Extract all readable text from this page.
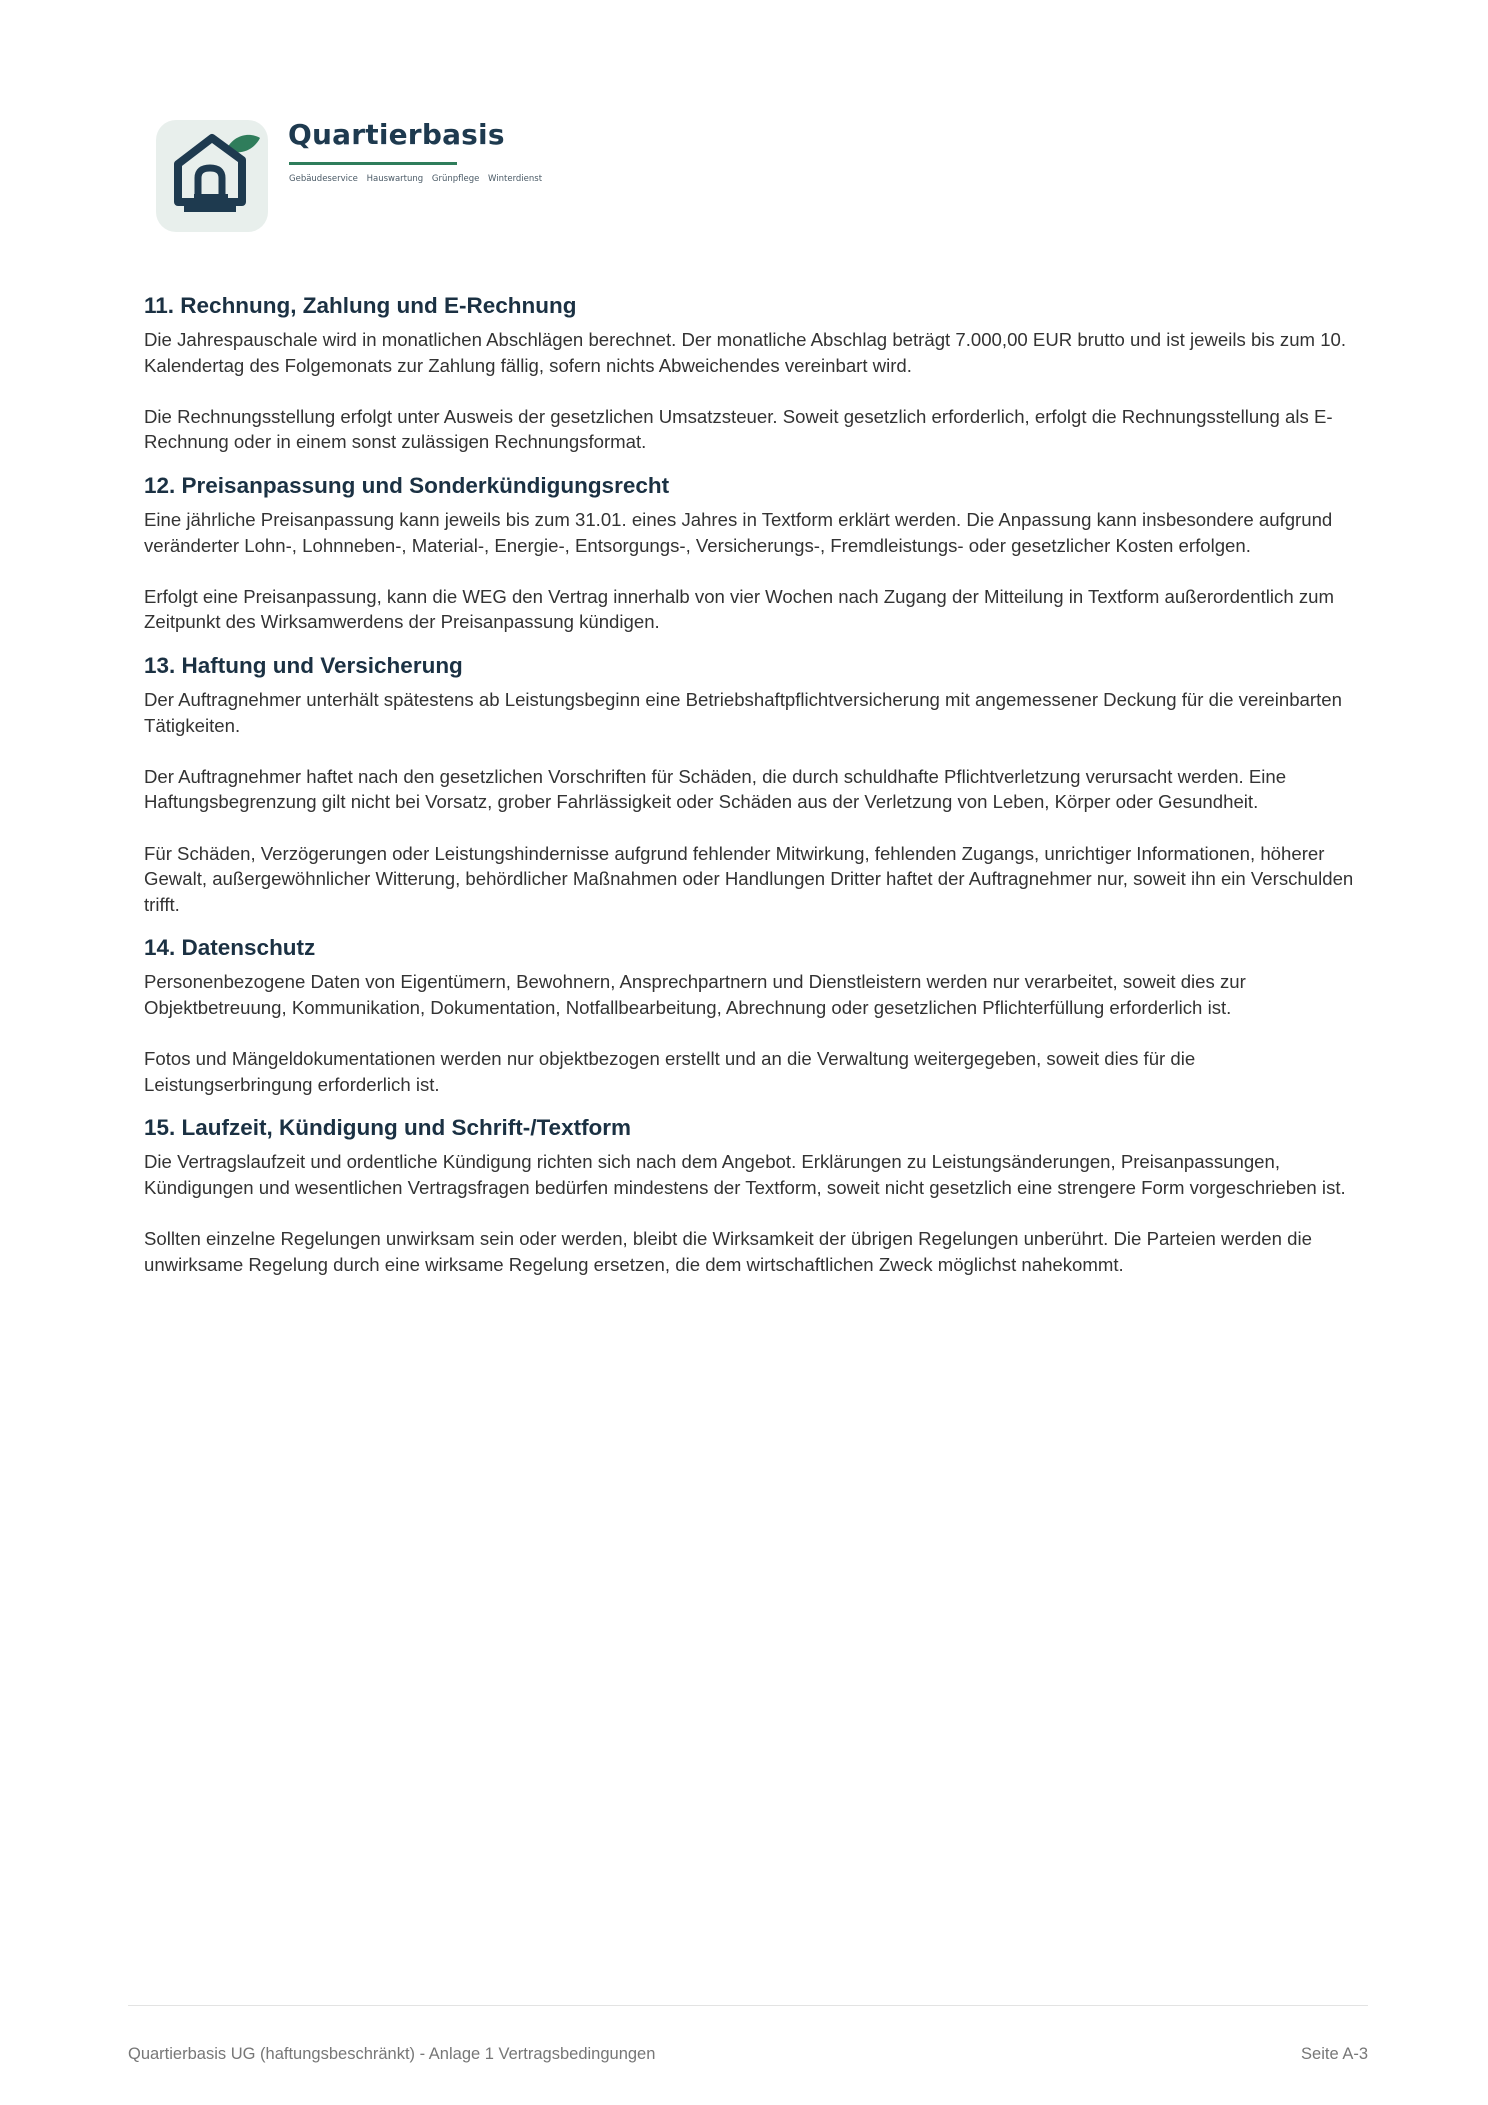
Quartierbasis
Gebäudeservice Hauswartung Grünpflege Winterdienst
11. Rechnung, Zahlung und E-Rechnung

Die Jahrespauschale wird in monatlichen Abschlägen berechnet. Der monatliche Abschlag beträgt 7.000,00 EUR brutto und ist jeweils bis zum 10. Kalendertag des Folgemonats zur Zahlung fällig, sofern nichts Abweichendes vereinbart wird.

Die Rechnungsstellung erfolgt unter Ausweis der gesetzlichen Umsatzsteuer. Soweit gesetzlich erforderlich, erfolgt die Rechnungsstellung als E-Rechnung oder in einem sonst zulässigen Rechnungsformat.

12. Preisanpassung und Sonderkündigungsrecht

Eine jährliche Preisanpassung kann jeweils bis zum 31.01. eines Jahres in Textform erklärt werden. Die Anpassung kann insbesondere aufgrund veränderter Lohn-, Lohnneben-, Material-, Energie-, Entsorgungs-, Versicherungs-, Fremdleistungs- oder gesetzlicher Kosten erfolgen.

Erfolgt eine Preisanpassung, kann die WEG den Vertrag innerhalb von vier Wochen nach Zugang der Mitteilung in Textform außerordentlich zum Zeitpunkt des Wirksamwerdens der Preisanpassung kündigen.

13. Haftung und Versicherung

Der Auftragnehmer unterhält spätestens ab Leistungsbeginn eine Betriebshaftpflichtversicherung mit angemessener Deckung für die vereinbarten Tätigkeiten.

Der Auftragnehmer haftet nach den gesetzlichen Vorschriften für Schäden, die durch schuldhafte Pflichtverletzung verursacht werden. Eine Haftungsbegrenzung gilt nicht bei Vorsatz, grober Fahrlässigkeit oder Schäden aus der Verletzung von Leben, Körper oder Gesundheit.

Für Schäden, Verzögerungen oder Leistungshindernisse aufgrund fehlender Mitwirkung, fehlenden Zugangs, unrichtiger Informationen, höherer Gewalt, außergewöhnlicher Witterung, behördlicher Maßnahmen oder Handlungen Dritter haftet der Auftragnehmer nur, soweit ihn ein Verschulden trifft.

14. Datenschutz

Personenbezogene Daten von Eigentümern, Bewohnern, Ansprechpartnern und Dienstleistern werden nur verarbeitet, soweit dies zur Objektbetreuung, Kommunikation, Dokumentation, Notfallbearbeitung, Abrechnung oder gesetzlichen Pflichterfüllung erforderlich ist.

Fotos und Mängeldokumentationen werden nur objektbezogen erstellt und an die Verwaltung weitergegeben, soweit dies für die Leistungserbringung erforderlich ist.

15. Laufzeit, Kündigung und Schrift-/Textform

Die Vertragslaufzeit und ordentliche Kündigung richten sich nach dem Angebot. Erklärungen zu Leistungsänderungen, Preisanpassungen, Kündigungen und wesentlichen Vertragsfragen bedürfen mindestens der Textform, soweit nicht gesetzlich eine strengere Form vorgeschrieben ist.

Sollten einzelne Regelungen unwirksam sein oder werden, bleibt die Wirksamkeit der übrigen Regelungen unberührt. Die Parteien werden die unwirksame Regelung durch eine wirksame Regelung ersetzen, die dem wirtschaftlichen Zweck möglichst nahekommt.

Quartierbasis UG (haftungsbeschränkt) - Anlage 1 Vertragsbedingungen	Seite A-3
